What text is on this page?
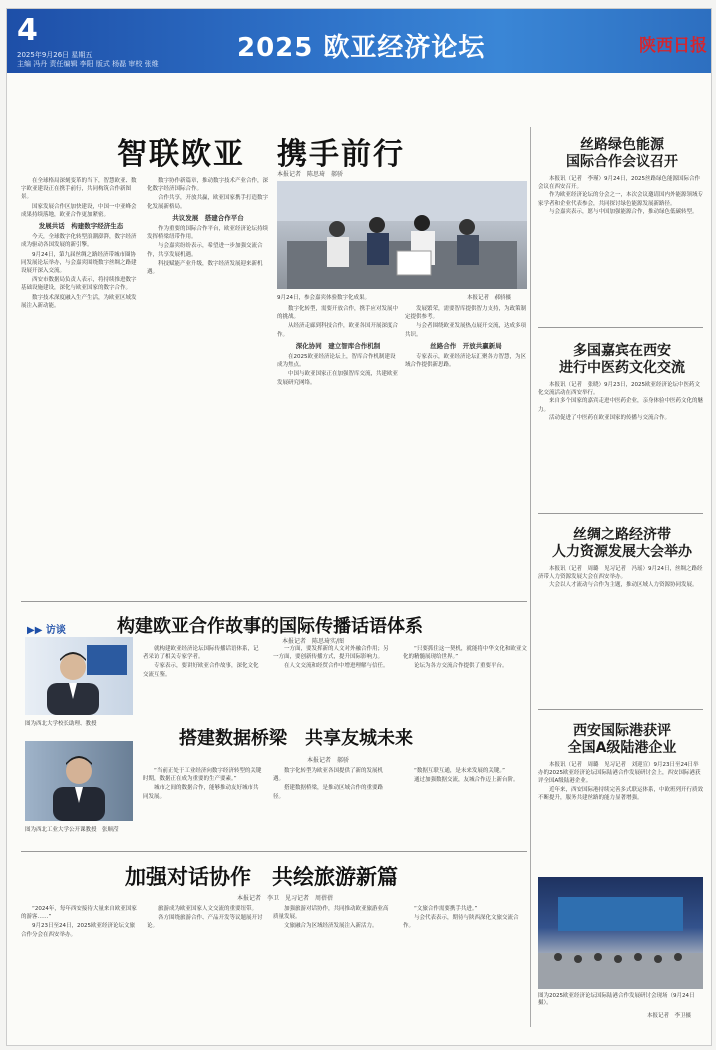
4
2025年9月26日 星期五
主编 冯丹 责任编辑 李阳 版式 杨磊 审校 张维
2025 欧亚经济论坛	陕西日报
智联欧亚　携手前行
本报记者　陈思琦　郝骄

在全球格局深刻变革的当下，智慧欧亚、数字欧亚建设正在携手前行，共同构筑合作新图景。

国家发展合作区加快建设，中国一中亚峰会成果持续落地，欧亚合作更加紧密。

发展共话　构建数字经济生态

今天，全球数字化转型浪潮澎湃，数字经济成为驱动各国发展的新引擎。

9月24日，第九届丝绸之路经济带城市圈协同发展论坛举办，与会嘉宾围绕数字丝绸之路建设展开深入交流。

西安市数据局负责人表示，将持续推进数字基础设施建设，深化与欧亚国家的数字合作。

数字技术深度融入生产生活，为欧亚区域发展注入新动能。

数字协作新篇章，推动数字技术产业合作，深化数字经济国际合作。

合作共享，开放共赢，欧亚国家携手打造数字化发展新格局。

共议发展　搭建合作平台

作为重要的国际合作平台，欧亚经济论坛持续发挥桥梁纽带作用。

与会嘉宾纷纷表示，希望进一步加强交流合作，共享发展机遇。

科技赋能产业升级，数字经济发展迎来新机遇。

9月24日，参会嘉宾体验数字化成果。	本报记者　郝骄摄

数字化转型，需要开放合作，携手应对发展中的挑战。

从经济走廊到科技合作，欧亚各国开展深度合作。

深化协同　建立智库合作机制

在2025欧亚经济论坛上，智库合作机制建设成为焦点。

中国与欧亚国家正在加强智库交流，共建欧亚发展研究网络。

发展繁荣，需要智库提供智力支持，为政策制定提供参考。

与会者围绕欧亚发展热点展开交流，达成多项共识。

丝路合作　开放共赢新局

专家表示，欧亚经济论坛汇聚各方智慧，为区域合作提供新思路。

丝路绿色能源
国际合作会议召开

本报讯（记者　李瑾）9月24日，2025丝路绿色能源国际合作会议在西安召开。

作为欧亚经济论坛的分会之一，本次会议邀请国内外能源领域专家学者和企业代表参会，共同探讨绿色能源发展新路径。

与会嘉宾表示，愿与中国加强能源合作，推动绿色低碳转型。

多国嘉宾在西安
进行中医药文化交流

本报讯（记者　张晓）9月23日，2025欧亚经济论坛中医药文化交流活动在西安举行。

来自多个国家的嘉宾走进中医药企业，亲身体验中医药文化的魅力。

活动促进了中医药在欧亚国家的传播与交流合作。

丝绸之路经济带
人力资源发展大会举办

本报讯（记者　周璐　见习记者　冯瑶）9月24日，丝绸之路经济带人力资源发展大会在西安举办。

大会以人才流动与合作为主题，推动区域人力资源协同发展。

西安国际港获评
全国A级陆港企业

本报讯（记者　周璐　见习记者　刘迎宣）9月23日至24日举办的2025欧亚经济论坛国际陆港合作发展研讨会上，西安国际港获评全国A级陆港企业。

近年来，西安国际港持续完善多式联运体系，中欧班列开行质效不断提升，服务共建丝路的能力显著增强。

图为2025欧亚经济论坛国际陆港合作发展研讨会现场（9月24日摄）。
本报记者　李卫摄
▶▶ 访谈	构建欧亚合作故事的国际传播话语体系
本报记者　陈思琦实/图
图为西北大学校长助理、教授　

就构建欧亚经济论坛国际传播话语体系，记者采访了相关专家学者。

专家表示，要讲好欧亚合作故事，深化文化交流互鉴。

一方面，要发挥新的人文对外融合作用；另一方面，要创新传播方式，提升国际影响力。

在人文交流和经贸合作中增进理解与信任。

“只要抓住这一契机，就能将中华文化和欧亚文化的精髓展现给世界。”

论坛为各方交流合作提供了重要平台。

搭建数据桥梁　共享友城未来
本报记者　郝骄
图为西北工业大学公开课教授　张顺滢

“当前正处于工业经济向数字经济转型的关键时期，数据正在成为重要的生产要素。”

城市之间的数据合作，能够推动友好城市共同发展。

数字化转型为欧亚各国提供了新的发展机遇。

搭建数据桥梁，是推动区域合作的重要路径。

“数据互联互通，是未来发展的关键。”

通过加强数据交流，友城合作迈上新台阶。

加强对话协作　共绘旅游新篇
本报记者　李卫　见习记者　周蓓蓓

“2024年，每年西安接待大量来自欧亚国家的游客……”

9月23日至24日，2025欧亚经济论坛文旅合作分会在西安举办。

旅游成为欧亚国家人文交流的重要纽带。

各方围绕旅游合作、产品开发等议题展开讨论。

加强旅游对话协作，共同推动欧亚旅游业高质量发展。

文旅融合为区域经济发展注入新活力。

“文旅合作需要携手共进。”

与会代表表示，期待与陕西深化文旅交流合作。
